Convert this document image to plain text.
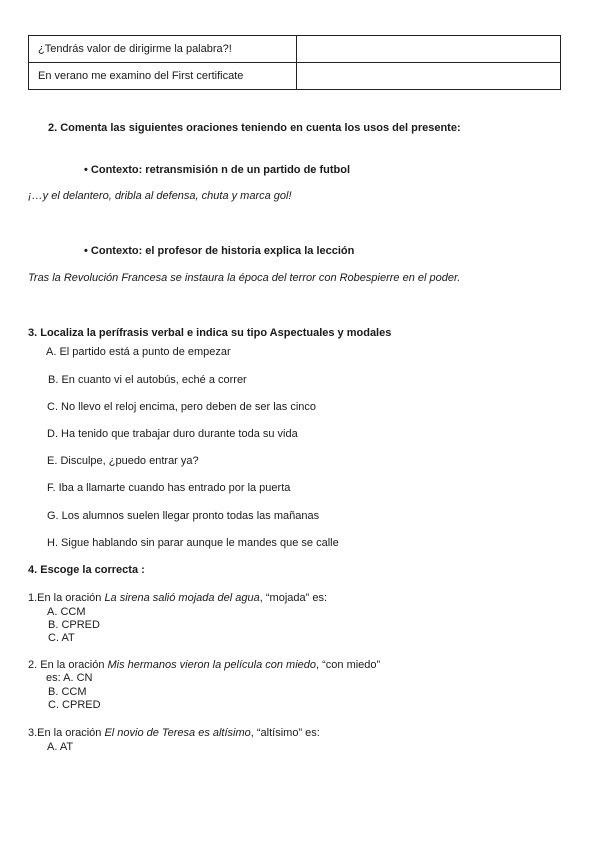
¿Tendrás valor de dirigirme la palabra?!	
En verano me examino del First certificate	
2. Comenta las siguientes oraciones teniendo en cuenta los usos del presente:
• Contexto: retransmisión n de un partido de futbol
¡…y el delantero, dribla al defensa, chuta y marca gol!
• Contexto: el profesor de historia explica la lección
Tras la Revolución Francesa se instaura la época del terror con Robespierre en el poder.
3. Localiza la perífrasis verbal e indica su tipo Aspectuales y modales
A. El partido está a punto de empezar
B. En cuanto vi el autobús, eché a correr
C. No llevo el reloj encima, pero deben de ser las cinco
D. Ha tenido que trabajar duro durante toda su vida
E. Disculpe, ¿puedo entrar ya?
F. Iba a llamarte cuando has entrado por la puerta
G. Los alumnos suelen llegar pronto todas las mañanas
H. Sigue hablando sin parar aunque le mandes que se calle
4. Escoge la correcta :
1.En la oración La sirena salió mojada del agua, “mojada” es:
A. CCM
B. CPRED
C. AT
2. En la oración Mis hermanos vieron la película con miedo, “con miedo”
es: A. CN
B. CCM
C. CPRED
3.En la oración El novio de Teresa es altísimo, “altísimo” es:
A. AT
